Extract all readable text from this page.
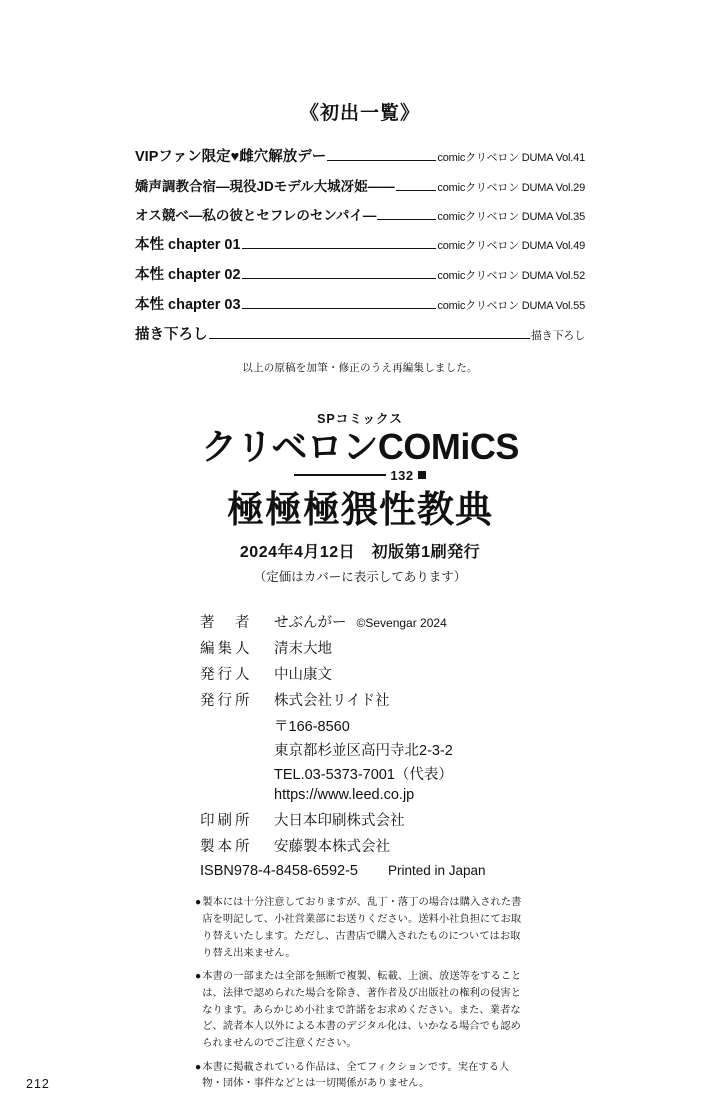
《初出一覧》
VIPファン限定♥雌穴解放デー	comicクリベロン DUMA Vol.41
嬌声調教合宿—現役JDモデル大城冴姫——	comicクリベロン DUMA Vol.29
オス競べ—私の彼とセフレのセンパイ—	comicクリベロン DUMA Vol.35
本性 chapter 01	comicクリベロン DUMA Vol.49
本性 chapter 02	comicクリベロン DUMA Vol.52
本性 chapter 03	comicクリベロン DUMA Vol.55
描き下ろし	描き下ろし
以上の原稿を加筆・修正のうえ再編集しました。
SPコミックス
クリベロンCOMiCS
132
極極極猥性教典
2024年4月12日　初版第1刷発行
（定価はカバーに表示してあります）
著　者	せぶんがー ©Sevengar 2024
編集人	清末大地
発行人	中山康文
発行所	株式会社リイド社
〒166-8560
東京都杉並区高円寺北2-3-2
TEL.03-5373-7001（代表）
https://www.leed.co.jp
印刷所	大日本印刷株式会社
製本所	安藤製本株式会社
ISBN978-4-8458-6592-5 Printed in Japan
● 製本には十分注意しておりますが、乱丁・落丁の場合は購入された書店を明記して、小社営業部にお送りください。送料小社負担にてお取り替えいたします。ただし、古書店で購入されたものについてはお取り替え出来ません。
● 本書の一部または全部を無断で複製、転載、上演、放送等をすることは、法律で認められた場合を除き、著作者及び出版社の権利の侵害となります。あらかじめ小社まで許諾をお求めください。また、業者など、読者本人以外による本書のデジタル化は、いかなる場合でも認められませんのでご注意ください。
● 本書に掲載されている作品は、全てフィクションです。実在する人物・団体・事件などとは一切関係がありません。
212
